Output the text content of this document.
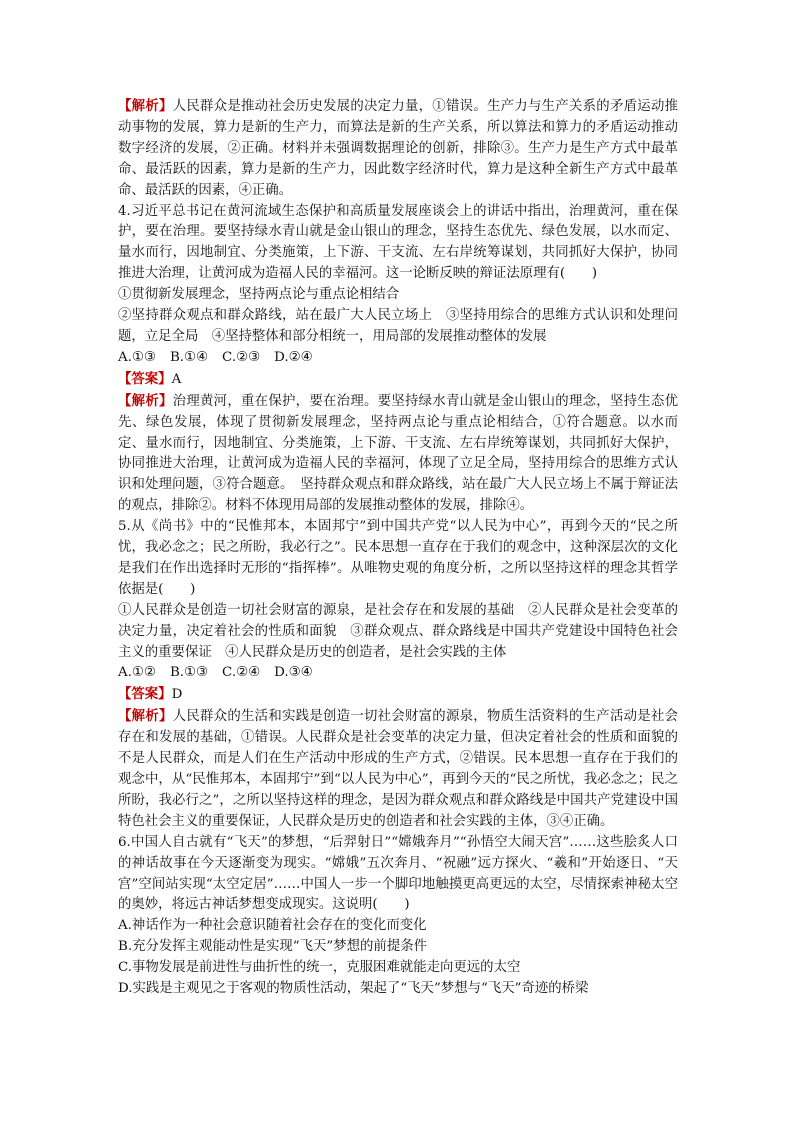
【解析】人民群众是推动社会历史发展的决定力量，①错误。生产力与生产关系的矛盾运动推动事物的发展，算力是新的生产力，而算法是新的生产关系，所以算法和算力的矛盾运动推动数字经济的发展，②正确。材料并未强调数据理论的创新，排除③。生产力是生产方式中最革命、最活跃的因素，算力是新的生产力，因此数字经济时代，算力是这种全新生产方式中最革命、最活跃的因素，④正确。

4.习近平总书记在黄河流域生态保护和高质量发展座谈会上的讲话中指出，治理黄河，重在保护，要在治理。要坚持绿水青山就是金山银山的理念，坚持生态优先、绿色发展，以水而定、量水而行，因地制宜、分类施策，上下游、干支流、左右岸统筹谋划，共同抓好大保护，协同推进大治理，让黄河成为造福人民的幸福河。这一论断反映的辩证法原理有(　　)

①贯彻新发展理念，坚持两点论与重点论相结合

②坚持群众观点和群众路线，站在最广大人民立场上　③坚持用综合的思维方式认识和处理问题，立足全局　④坚持整体和部分相统一，用局部的发展推动整体的发展

A.①③ B.①④ C.②③ D.②④

【答案】A

【解析】治理黄河，重在保护，要在治理。要坚持绿水青山就是金山银山的理念，坚持生态优先、绿色发展，体现了贯彻新发展理念，坚持两点论与重点论相结合，①符合题意。以水而定、量水而行，因地制宜、分类施策，上下游、干支流、左右岸统筹谋划，共同抓好大保护，协同推进大治理，让黄河成为造福人民的幸福河，体现了立足全局，坚持用综合的思维方式认识和处理问题，③符合题意。　坚持群众观点和群众路线，站在最广大人民立场上不属于辩证法的观点，排除②。材料不体现用局部的发展推动整体的发展，排除④。

5.从《尚书》中的“民惟邦本，本固邦宁”到中国共产党“以人民为中心”，再到今天的“民之所忧，我必念之；民之所盼，我必行之”。民本思想一直存在于我们的观念中，这种深层次的文化是我们在作出选择时无形的“指挥棒”。从唯物史观的角度分析，之所以坚持这样的理念其哲学依据是(　　)

①人民群众是创造一切社会财富的源泉，是社会存在和发展的基础　②人民群众是社会变革的决定力量，决定着社会的性质和面貌　③群众观点、群众路线是中国共产党建设中国特色社会主义的重要保证　④人民群众是历史的创造者，是社会实践的主体

A.①② B.①③ C.②④ D.③④

【答案】D

【解析】人民群众的生活和实践是创造一切社会财富的源泉，物质生活资料的生产活动是社会存在和发展的基础，①错误。人民群众是社会变革的决定力量，但决定着社会的性质和面貌的不是人民群众，而是人们在生产活动中形成的生产方式，②错误。民本思想一直存在于我们的观念中，从“民惟邦本，本固邦宁”到“以人民为中心”，再到今天的“民之所忧，我必念之；民之所盼，我必行之”，之所以坚持这样的理念，是因为群众观点和群众路线是中国共产党建设中国特色社会主义的重要保证，人民群众是历史的创造者和社会实践的主体，③④正确。

6.中国人自古就有“飞天”的梦想，“后羿射日”“嫦娥奔月”“孙悟空大闹天宫”……这些脍炙人口的神话故事在今天逐渐变为现实。“嫦娥”五次奔月、“祝融”远方探火、“羲和”开始逐日、“天宫”空间站实现“太空定居”……中国人一步一个脚印地触摸更高更远的太空，尽情探索神秘太空的奥妙，将远古神话梦想变成现实。这说明(　　)

A.神话作为一种社会意识随着社会存在的变化而变化

B.充分发挥主观能动性是实现“飞天”梦想的前提条件

C.事物发展是前进性与曲折性的统一，克服困难就能走向更远的太空

D.实践是主观见之于客观的物质性活动，架起了“飞天”梦想与“飞天”奇迹的桥梁
